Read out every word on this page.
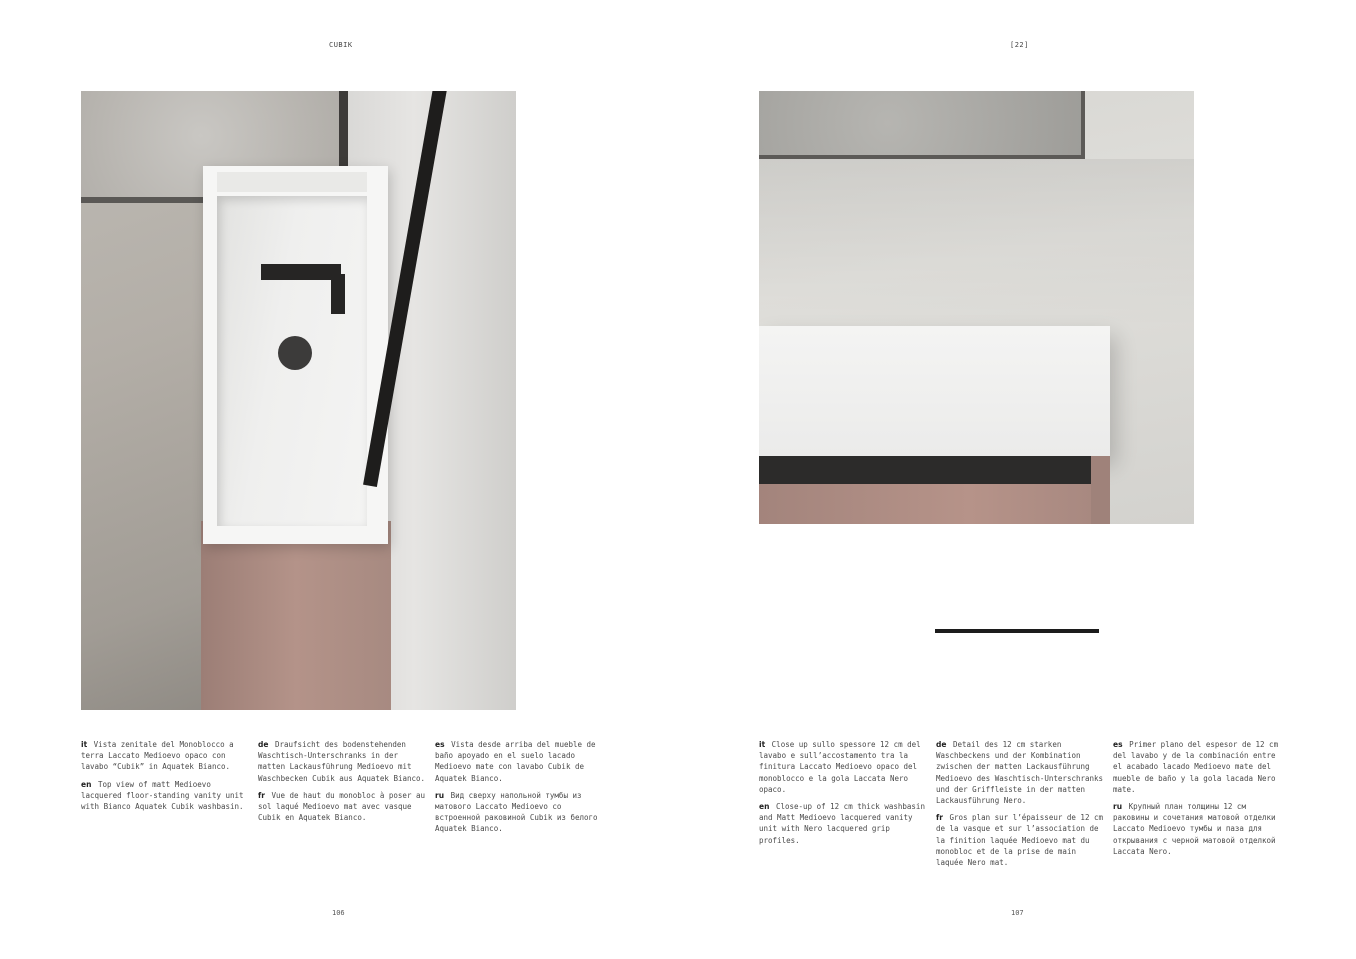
CUBIK

it Vista zenitale del Monoblocco a terra Laccato Medioevo opaco con lavabo “Cubik” in Aquatek Bianco.

en Top view of matt Medioevo lacquered floor-standing vanity unit with Bianco Aquatek Cubik washbasin.

de Draufsicht des bodenstehenden Waschtisch-Unterschranks in der matten Lackausführung Medioevo mit Waschbecken Cubik aus Aquatek Bianco.

fr Vue de haut du monobloc à poser au sol laqué Medioevo mat avec vasque Cubik en Aquatek Bianco.

es Vista desde arriba del mueble de baño apoyado en el suelo lacado Medioevo mate con lavabo Cubik de Aquatek Bianco.

ru Вид сверху напольной тумбы из матового Laccato Medioevo со встроенной раковиной Cubik из белого Aquatek Bianco.

106
[22]

it Close up sullo spessore 12 cm del lavabo e sull’accostamento tra la finitura Laccato Medioevo opaco del monoblocco e la gola Laccata Nero opaco.

en Close-up of 12 cm thick washbasin and Matt Medioevo lacquered vanity unit with Nero lacquered grip profiles.

de Detail des 12 cm starken Waschbeckens und der Kombination zwischen der matten Lackausführung Medioevo des Waschtisch-Unterschranks und der Griffleiste in der matten Lackausführung Nero.

fr Gros plan sur l’épaisseur de 12 cm de la vasque et sur l’association de la finition laquée Medioevo mat du monobloc et de la prise de main laquée Nero mat.

es Primer plano del espesor de 12 cm del lavabo y de la combinación entre el acabado lacado Medioevo mate del mueble de baño y la gola lacada Nero mate.

ru Крупный план толщины 12 см раковины и сочетания матовой отделки Laccato Medioevo тумбы и паза для открывания с черной матовой отделкой Laccata Nero.

107
